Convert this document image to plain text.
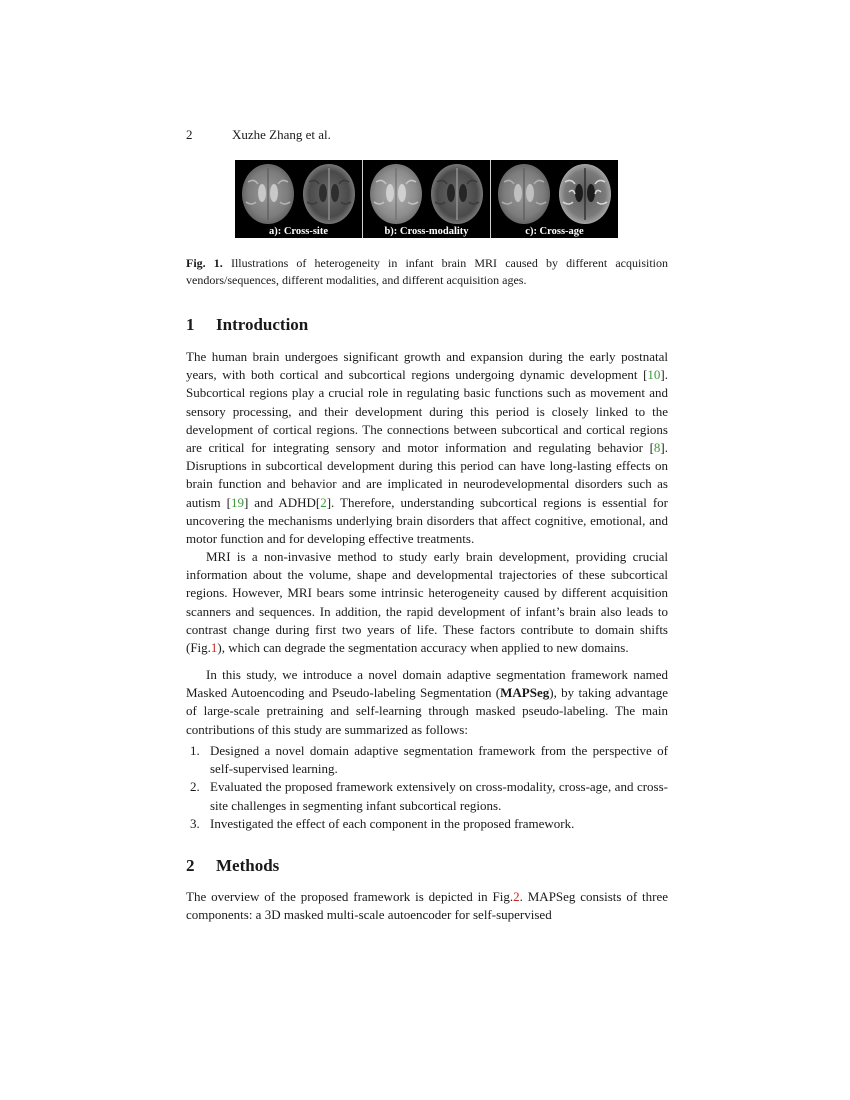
2	Xuzhe Zhang et al.
a): Cross-site	b): Cross-modality	c): Cross-age
Fig. 1. Illustrations of heterogeneity in infant brain MRI caused by different acquisition vendors/sequences, different modalities, and different acquisition ages.
1 Introduction

The human brain undergoes significant growth and expansion during the early postnatal years, with both cortical and subcortical regions undergoing dynamic development [10]. Subcortical regions play a crucial role in regulating basic functions such as movement and sensory processing, and their development during this period is closely linked to the development of cortical regions. The connections between subcortical and cortical regions are critical for integrating sensory and motor information and regulating behavior [8]. Disruptions in subcortical development during this period can have long-lasting effects on brain function and behavior and are implicated in neurodevelopmental disorders such as autism [19] and ADHD[2]. Therefore, understanding subcortical regions is essential for uncovering the mechanisms underlying brain disorders that affect cognitive, emotional, and motor function and for developing effective treatments.

MRI is a non-invasive method to study early brain development, providing crucial information about the volume, shape and developmental trajectories of these subcortical regions. However, MRI bears some intrinsic heterogeneity caused by different acquisition scanners and sequences. In addition, the rapid development of infant’s brain also leads to contrast change during first two years of life. These factors contribute to domain shifts (Fig.1), which can degrade the segmentation accuracy when applied to new domains.

In this study, we introduce a novel domain adaptive segmentation framework named Masked Autoencoding and Pseudo-labeling Segmentation (MAPSeg), by taking advantage of large-scale pretraining and self-learning through masked pseudo-labeling. The main contributions of this study are summarized as follows:

1. Designed a novel domain adaptive segmentation framework from the perspective of self-supervised learning.
2. Evaluated the proposed framework extensively on cross-modality, cross-age, and cross-site challenges in segmenting infant subcortical regions.
3. Investigated the effect of each component in the proposed framework.
2 Methods

The overview of the proposed framework is depicted in Fig.2. MAPSeg consists of three components: a 3D masked multi-scale autoencoder for self-supervised
